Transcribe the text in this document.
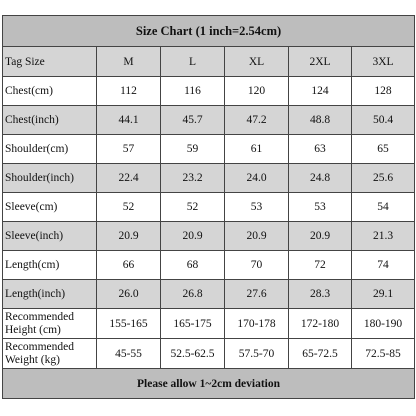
Size Chart (1 inch=2.54cm)					
Tag Size	M	L	XL	2XL	3XL
Chest(cm)	112	116	120	124	128
Chest(inch)	44.1	45.7	47.2	48.8	50.4
Shoulder(cm)	57	59	61	63	65
Shoulder(inch)	22.4	23.2	24.0	24.8	25.6
Sleeve(cm)	52	52	53	53	54
Sleeve(inch)	20.9	20.9	20.9	20.9	21.3
Length(cm)	66	68	70	72	74
Length(inch)	26.0	26.8	27.6	28.3	29.1
Recommended Height (cm)	155-165	165-175	170-178	172-180	180-190
Recommended Weight (kg)	45-55	52.5-62.5	57.5-70	65-72.5	72.5-85
Please allow 1~2cm deviation					
